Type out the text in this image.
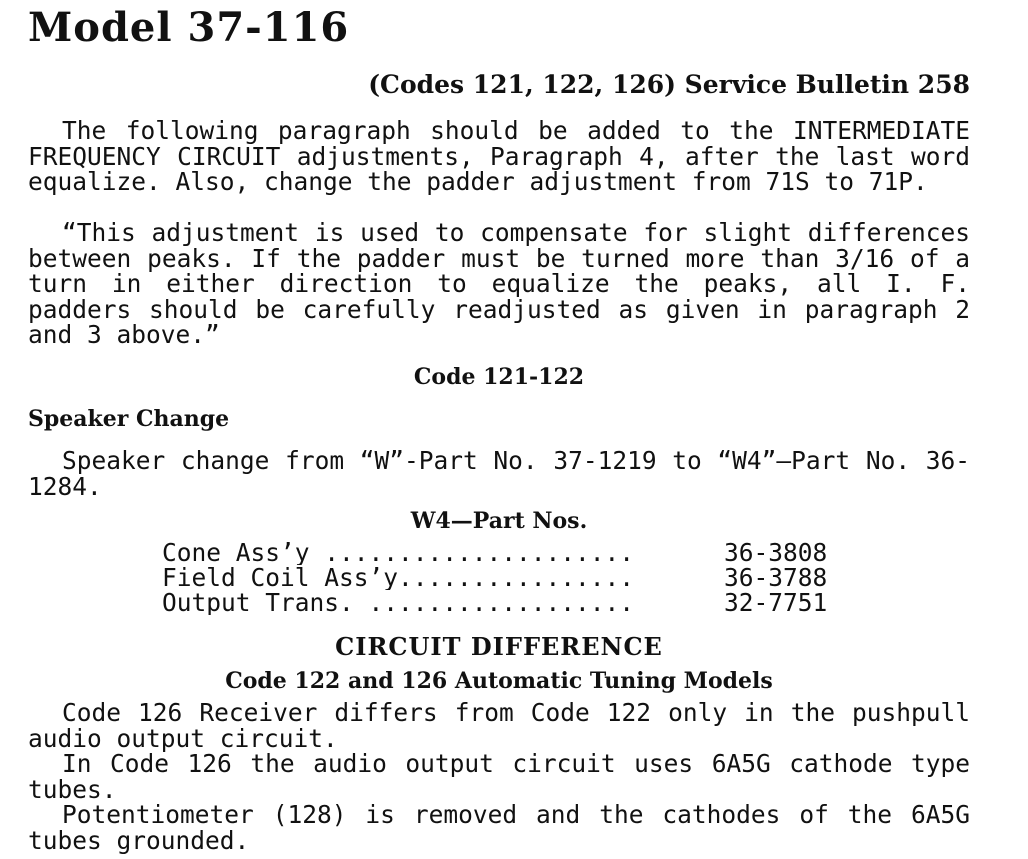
Model 37-116
(Codes 121, 122, 126) Service Bulletin 258

The following paragraph should be added to the INTERMEDIATE FREQUENCY CIRCUIT adjustments, Paragraph 4, after the last word equalize. Also, change the padder adjustment from 71S to 71P.

“This adjustment is used to compensate for slight differences between peaks. If the padder must be turned more than 3/16 of a turn in either direction to equalize the peaks, all I. F. padders should be carefully readjusted as given in paragraph 2 and 3 above.”

Code 121-122
Speaker Change

Speaker change from “W”-Part No. 37-1219 to “W4”—Part No. 36-1284.

W4—Part Nos.
Cone Ass’y .....................	36-3808
Field Coil Ass’y................	36-3788
Output Trans. ..................	32-7751
CIRCUIT DIFFERENCE
Code 122 and 126 Automatic Tuning Models

Code 126 Receiver differs from Code 122 only in the pushpull audio output circuit.

In Code 126 the audio output circuit uses 6A5G cathode type tubes.

Potentiometer (128) is removed and the cathodes of the 6A5G tubes grounded.
